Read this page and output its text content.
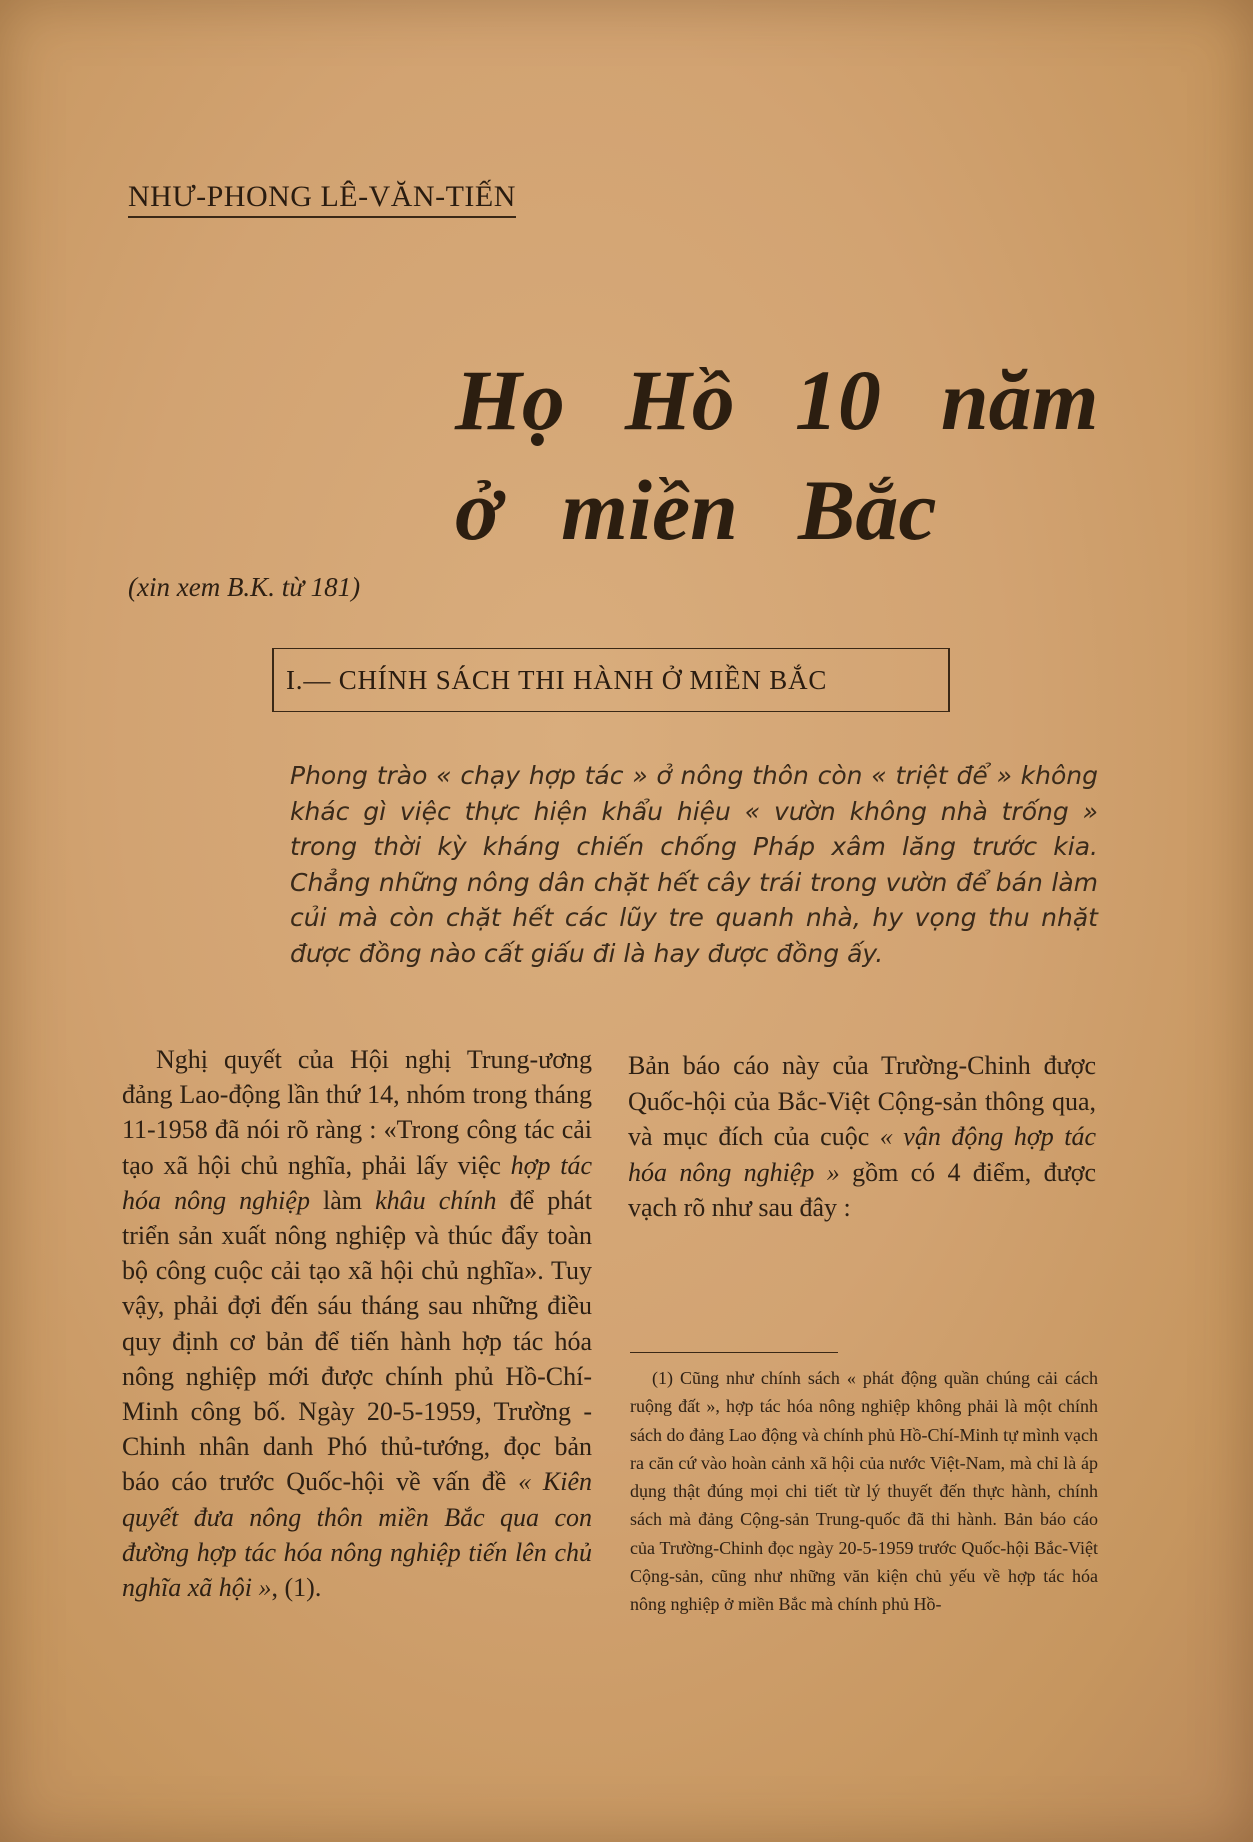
NHƯ-PHONG LÊ-VĂN-TIẾN
Họ Hồ 10 năm
ở miền Bắc
(xin xem B.K. từ 181)
I.— CHÍNH SÁCH THI HÀNH Ở MIỀN BẮC

Phong trào « chạy hợp tác » ở nông thôn còn « triệt để » không khác gì việc thực hiện khẩu hiệu « vườn không nhà trống » trong thời kỳ kháng chiến chống Pháp xâm lăng trước kia. Chẳng những nông dân chặt hết cây trái trong vườn để bán làm củi mà còn chặt hết các lũy tre quanh nhà, hy vọng thu nhặt được đồng nào cất giấu đi là hay được đồng ấy.

Nghị quyết của Hội nghị Trung-ương đảng Lao-động lần thứ 14, nhóm trong tháng 11-1958 đã nói rõ ràng : «Trong công tác cải tạo xã hội chủ nghĩa, phải lấy việc hợp tác hóa nông nghiệp làm khâu chính để phát triển sản xuất nông nghiệp và thúc đẩy toàn bộ công cuộc cải tạo xã hội chủ nghĩa». Tuy vậy, phải đợi đến sáu tháng sau những điều quy định cơ bản để tiến hành hợp tác hóa nông nghiệp mới được chính phủ Hồ-Chí-Minh công bố. Ngày 20-5-1959, Trường - Chinh nhân danh Phó thủ-tướng, đọc bản báo cáo trước Quốc-hội về vấn đề « Kiên quyết đưa nông thôn miền Bắc qua con đường hợp tác hóa nông nghiệp tiến lên chủ nghĩa xã hội », (1).

Bản báo cáo này của Trường-Chinh được Quốc-hội của Bắc-Việt Cộng-sản thông qua, và mục đích của cuộc « vận động hợp tác hóa nông nghiệp » gồm có 4 điểm, được vạch rõ như sau đây :

(1) Cũng như chính sách « phát động quần chúng cải cách ruộng đất », hợp tác hóa nông nghiệp không phải là một chính sách do đảng Lao động và chính phủ Hồ-Chí-Minh tự mình vạch ra căn cứ vào hoàn cảnh xã hội của nước Việt-Nam, mà chỉ là áp dụng thật đúng mọi chi tiết từ lý thuyết đến thực hành, chính sách mà đảng Cộng-sản Trung-quốc đã thi hành. Bản báo cáo của Trường-Chinh đọc ngày 20-5-1959 trước Quốc-hội Bắc-Việt Cộng-sản, cũng như những văn kiện chủ yếu về hợp tác hóa nông nghiệp ở miền Bắc mà chính phủ Hồ-
